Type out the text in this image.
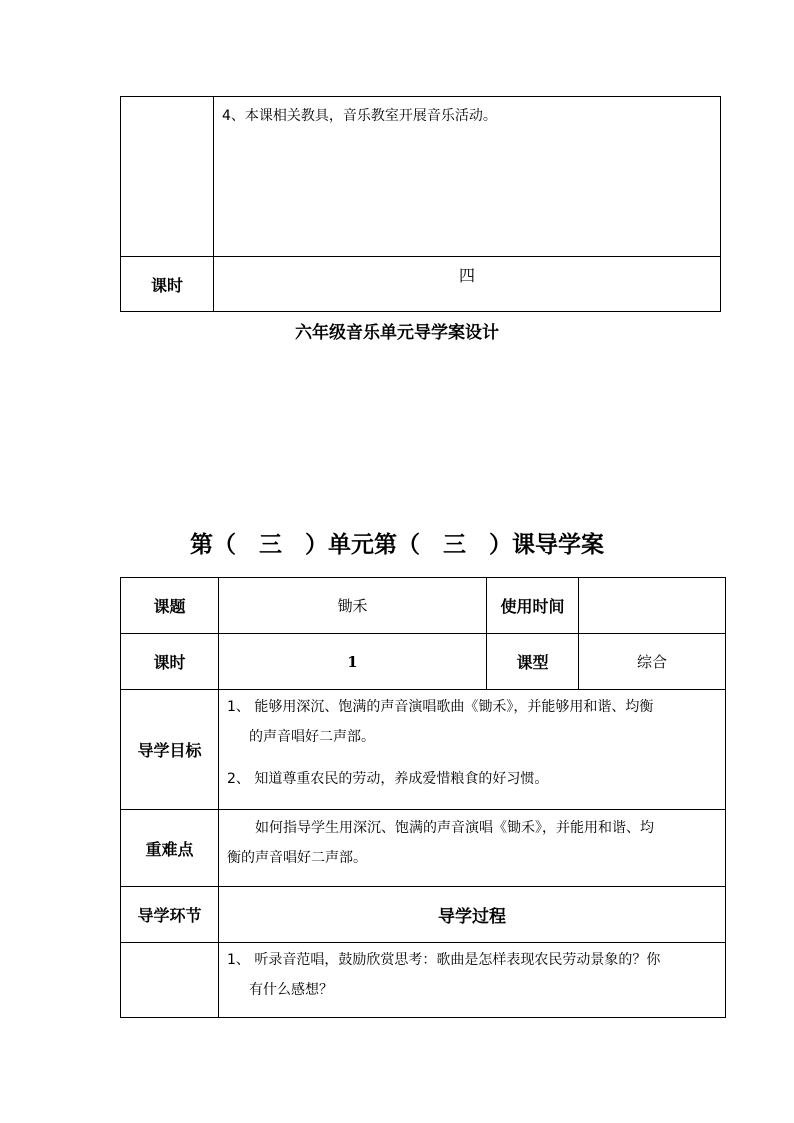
	4、本课相关教具，音乐教室开展音乐活动。

课时	四
六年级音乐单元导学案设计
第（　三　）单元第（　三　）课导学案
课题	锄禾	使用时间	
课时	1	课型	综合
导学目标	1、 能够用深沉、饱满的声音演唱歌曲《锄禾》，并能够用和谐、均衡
的声音唱好二声部。
2、 知道尊重农民的劳动，养成爱惜粮食的好习惯。		

重难点	如何指导学生用深沉、饱满的声音演唱《锄禾》，并能用和谐、均
衡的声音唱好二声部。		

导学环节	导学过程		

	1、 听录音范唱，鼓励欣赏思考：歌曲是怎样表现农民劳动景象的？你
有什么感想？		
